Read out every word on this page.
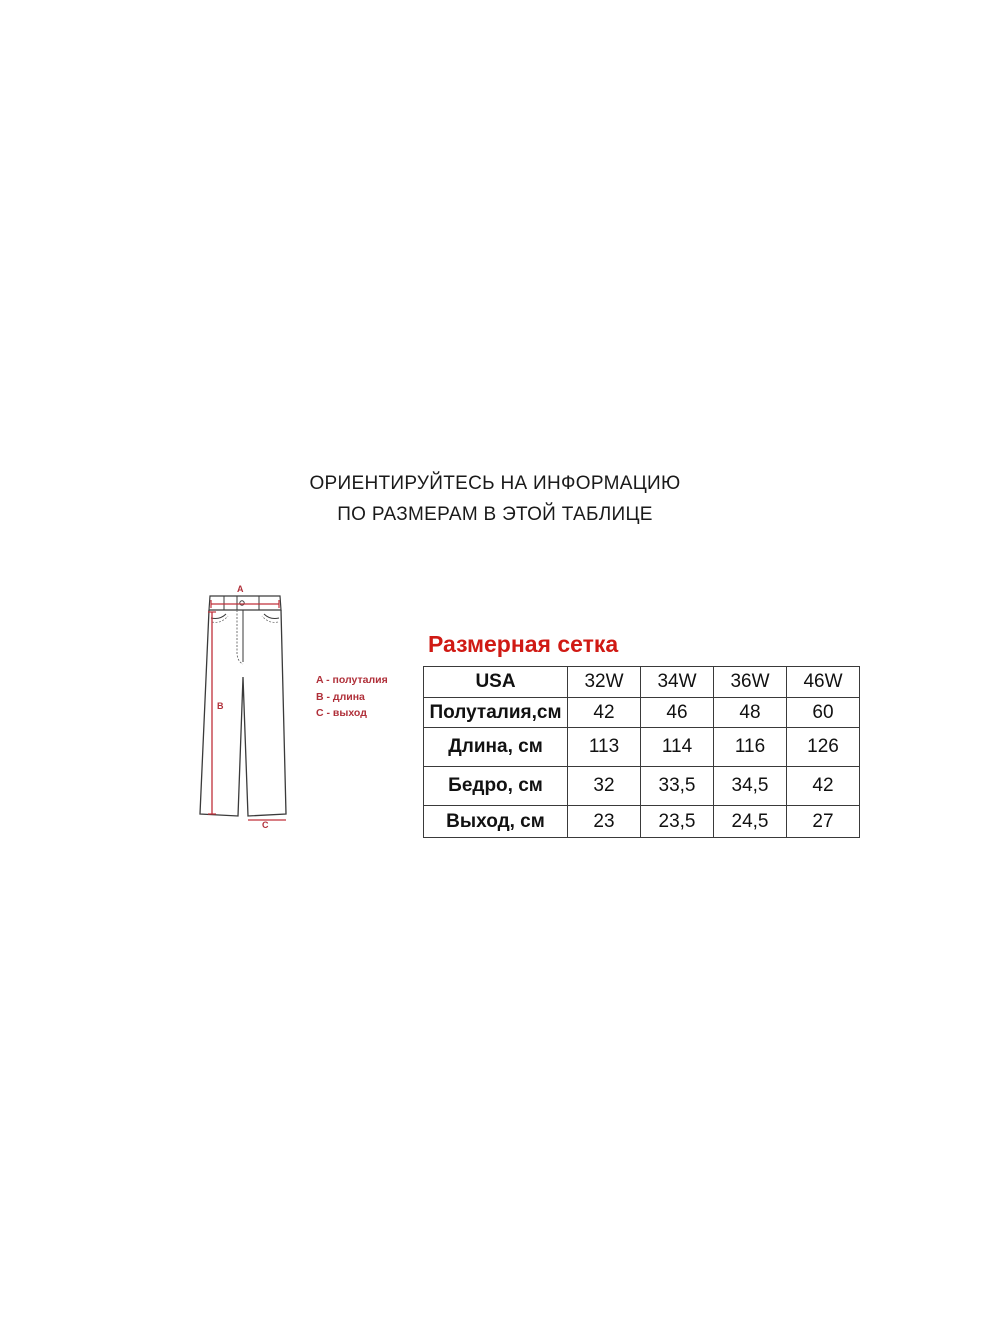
ОРИЕНТИРУЙТЕСЬ НА ИНФОРМАЦИЮ
ПО РАЗМЕРАМ В ЭТОЙ ТАБЛИЦЕ
A
B
C
A - полуталия
B - длина
C - выход
Размерная сетка
USA	32W	34W	36W	46W
Полуталия,см	42	46	48	60
Длина, см	113	114	116	126
Бедро, см	32	33,5	34,5	42
Выход, см	23	23,5	24,5	27
